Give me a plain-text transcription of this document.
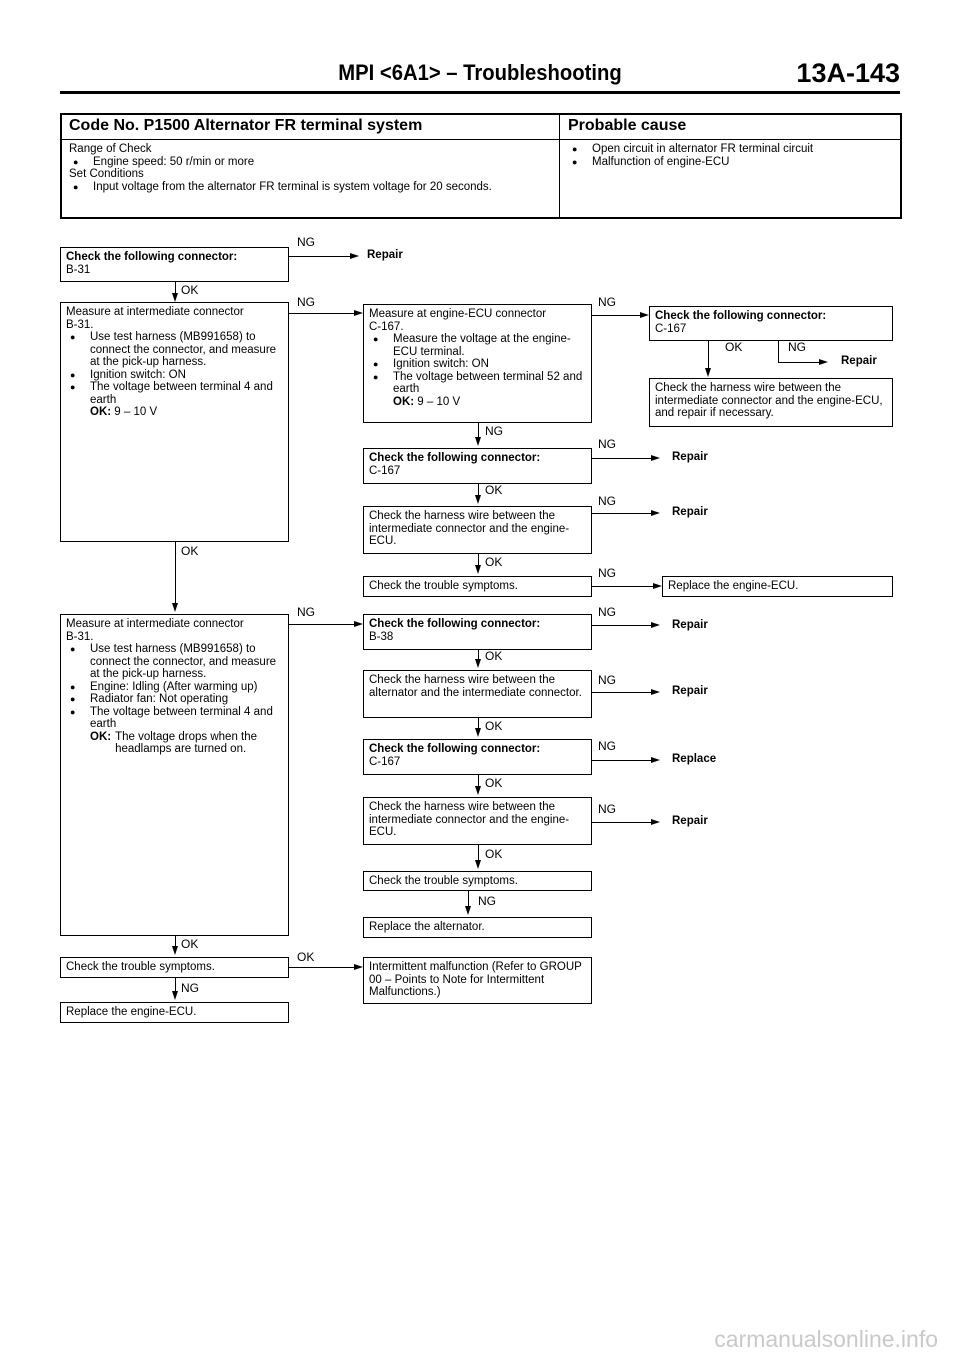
MPI <6A1> – Troubleshooting	13A-143
Code No. P1500 Alternator FR terminal system	Probable cause
Range of Check
● Engine speed: 50 r/min or more
Set Conditions
● Input voltage from the alternator FR terminal is system voltage for 20 seconds.
● Open circuit in alternator FR terminal circuit
● Malfunction of engine-ECU
Check the following connector:
B-31
Measure at intermediate connector
B-31.
● Use test harness (MB991658) to connect the connector, and measure at the pick-up harness.
● Ignition switch: ON
● The voltage between terminal 4 and earth
OK: 9 – 10 V
Measure at engine-ECU connector
C-167.
● Measure the voltage at the engine-ECU terminal.
● Ignition switch: ON
● The voltage between terminal 52 and earth
OK: 9 – 10 V
Check the following connector:
C-167
Check the harness wire between the intermediate connector and the engine-ECU, and repair if necessary.
Check the following connector:
C-167
Check the harness wire between the intermediate connector and the engine-ECU.
Check the trouble symptoms.	Replace the engine-ECU.
Measure at intermediate connector
B-31.
● Use test harness (MB991658) to connect the connector, and measure at the pick-up harness.
● Engine: Idling (After warming up)
● Radiator fan: Not operating
● The voltage between terminal 4 and earth
OK: The voltage drops when the headlamps are turned on.
Check the following connector:
B-38
Check the harness wire between the alternator and the intermediate connector.
Check the following connector:
C-167
Check the harness wire between the intermediate connector and the engine-ECU.
Check the trouble symptoms.
Replace the alternator.
Check the trouble symptoms.
Replace the engine-ECU.
Intermittent malfunction (Refer to GROUP 00 – Points to Note for Intermittent Malfunctions.)
NG
Repair
OK
NG	NG
OK	NG
Repair
NG
NG
Repair
OK
NG
Repair
OK
NG
OK
NG	NG
Repair
OK
NG
Repair
OK
NG
Replace
OK
NG
Repair
OK
NG
OK
OK
NG
carmanualsonline.info
